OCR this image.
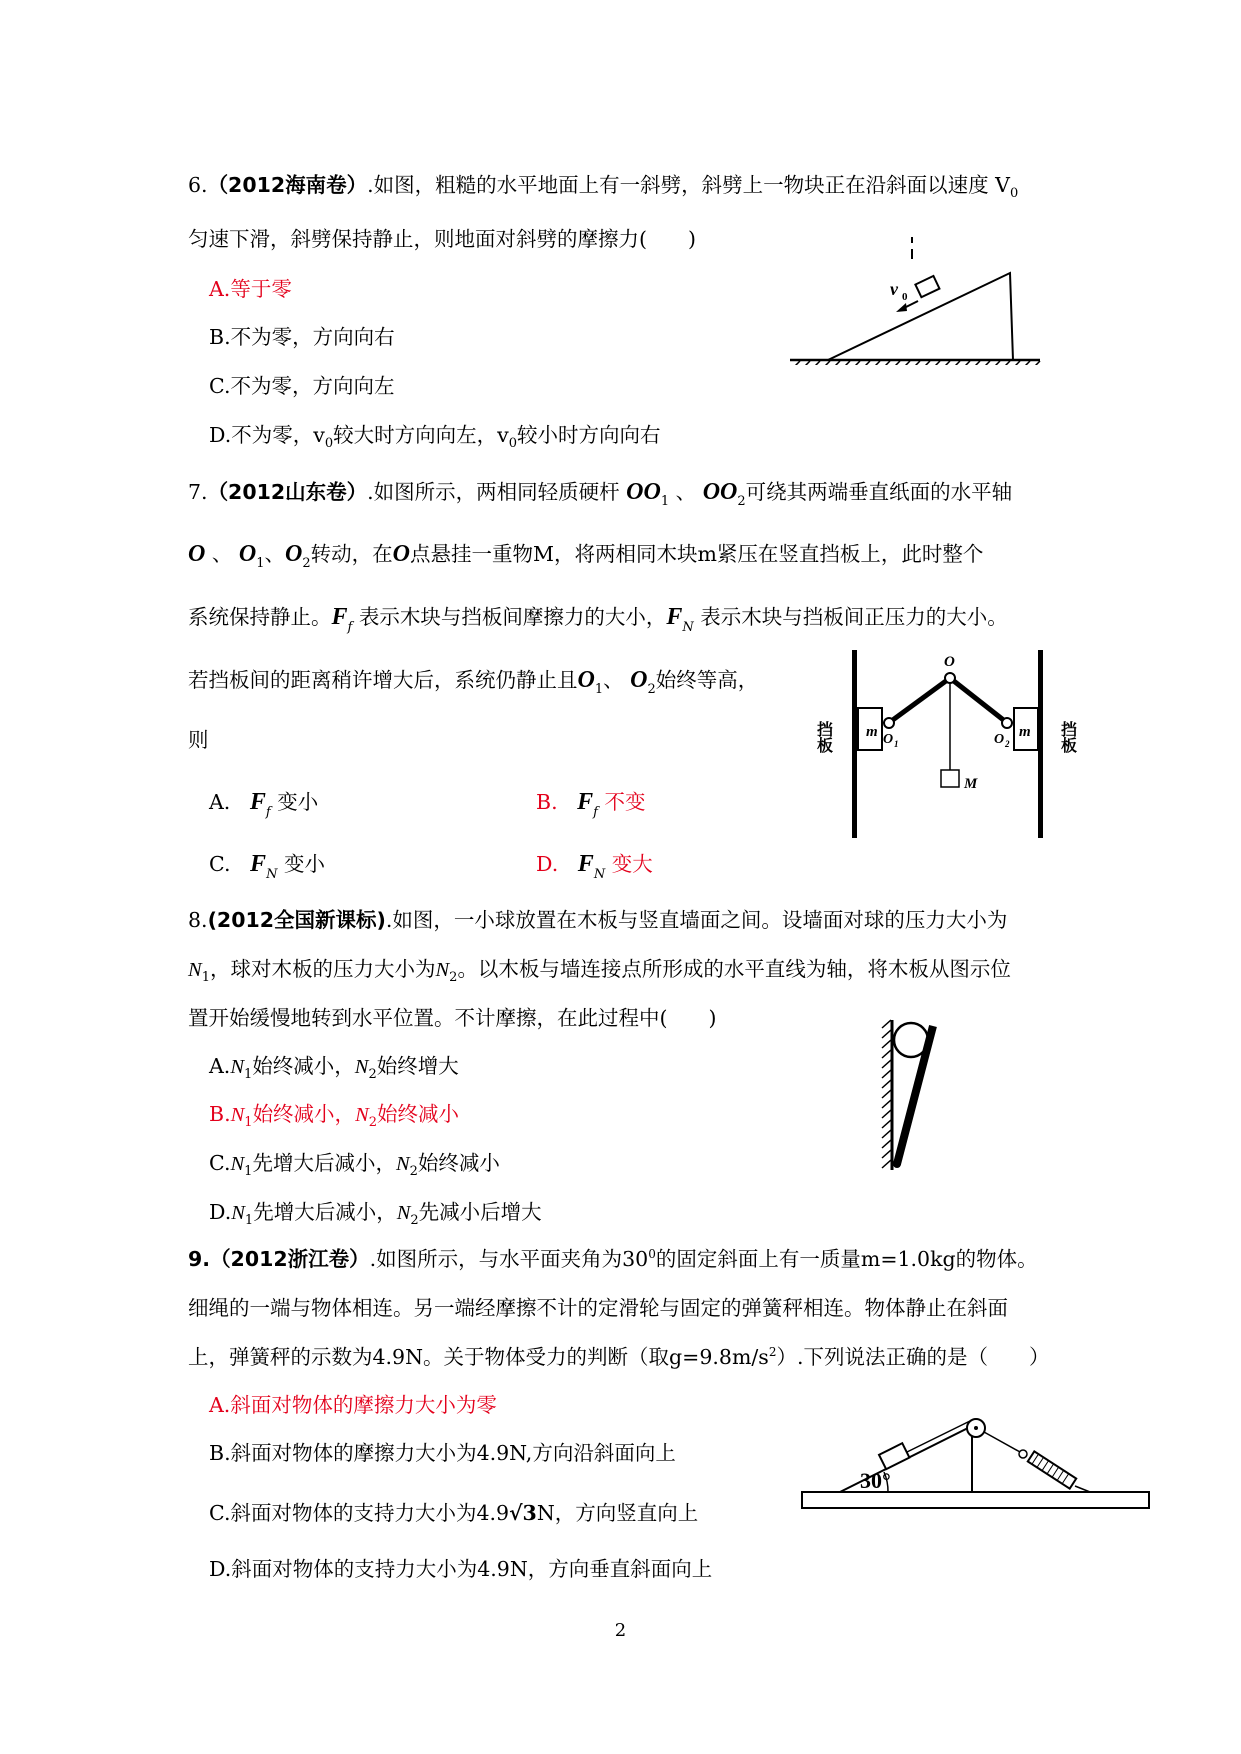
6.（2012海南卷）.如图，粗糙的水平地面上有一斜劈，斜劈上一物块正在沿斜面以速度 $V_0$
匀速下滑，斜劈保持静止，则地面对斜劈的摩擦力(　　)
A.等于零
B.不为零，方向向右
C.不为零，方向向左
D.不为零，$v_0$较大时方向向左，$v_0$较小时方向向右
v 0
7.（2012山东卷）.如图所示，两相同轻质硬杆 $OO_1$ 、 $OO_2$可绕其两端垂直纸面的水平轴
O 、 $O_1$、$O_2$转动，在O点悬挂一重物M，将两相同木块m紧压在竖直挡板上，此时整个
系统保持静止。$F_f$ 表示木块与挡板间摩擦力的大小，$F_N$ 表示木块与挡板间正压力的大小。
若挡板间的距离稍许增大后，系统仍静止且$O_1$、 $O_2$始终等高，
则
A. $F_f$ 变小	B. $F_f$ 不变
C. $F_N$ 变小	D. $F_N$ 变大
m	m
O
O 1	O 2
M
挡板	挡板
8.(2012全国新课标).如图，一小球放置在木板与竖直墙面之间。设墙面对球的压力大小为
$N_1$，球对木板的压力大小为$N_2$。以木板与墙连接点所形成的水平直线为轴，将木板从图示位
置开始缓慢地转到水平位置。不计摩擦，在此过程中(　　)
$A.N_1$始终减小，$N_2$始终增大
$B.N_1$始终减小，$N_2$始终减小
$C.N_1$先增大后减小，$N_2$始终减小
$D.N_1$先增大后减小，$N_2$先减小后增大
9.（2012浙江卷）.如图所示，与水平面夹角为$30^0$的固定斜面上有一质量m=1.0kg的物体。
细绳的一端与物体相连。另一端经摩擦不计的定滑轮与固定的弹簧秤相连。物体静止在斜面
上，弹簧秤的示数为4.9N。关于物体受力的判断（取$g=9.8m/s^2$）.下列说法正确的是（　　）
A.斜面对物体的摩擦力大小为零
B.斜面对物体的摩擦力大小为4.9N,方向沿斜面向上
C.斜面对物体的支持力大小为4.9√3N，方向竖直向上
D.斜面对物体的支持力大小为4.9N，方向垂直斜面向上
30°
2
